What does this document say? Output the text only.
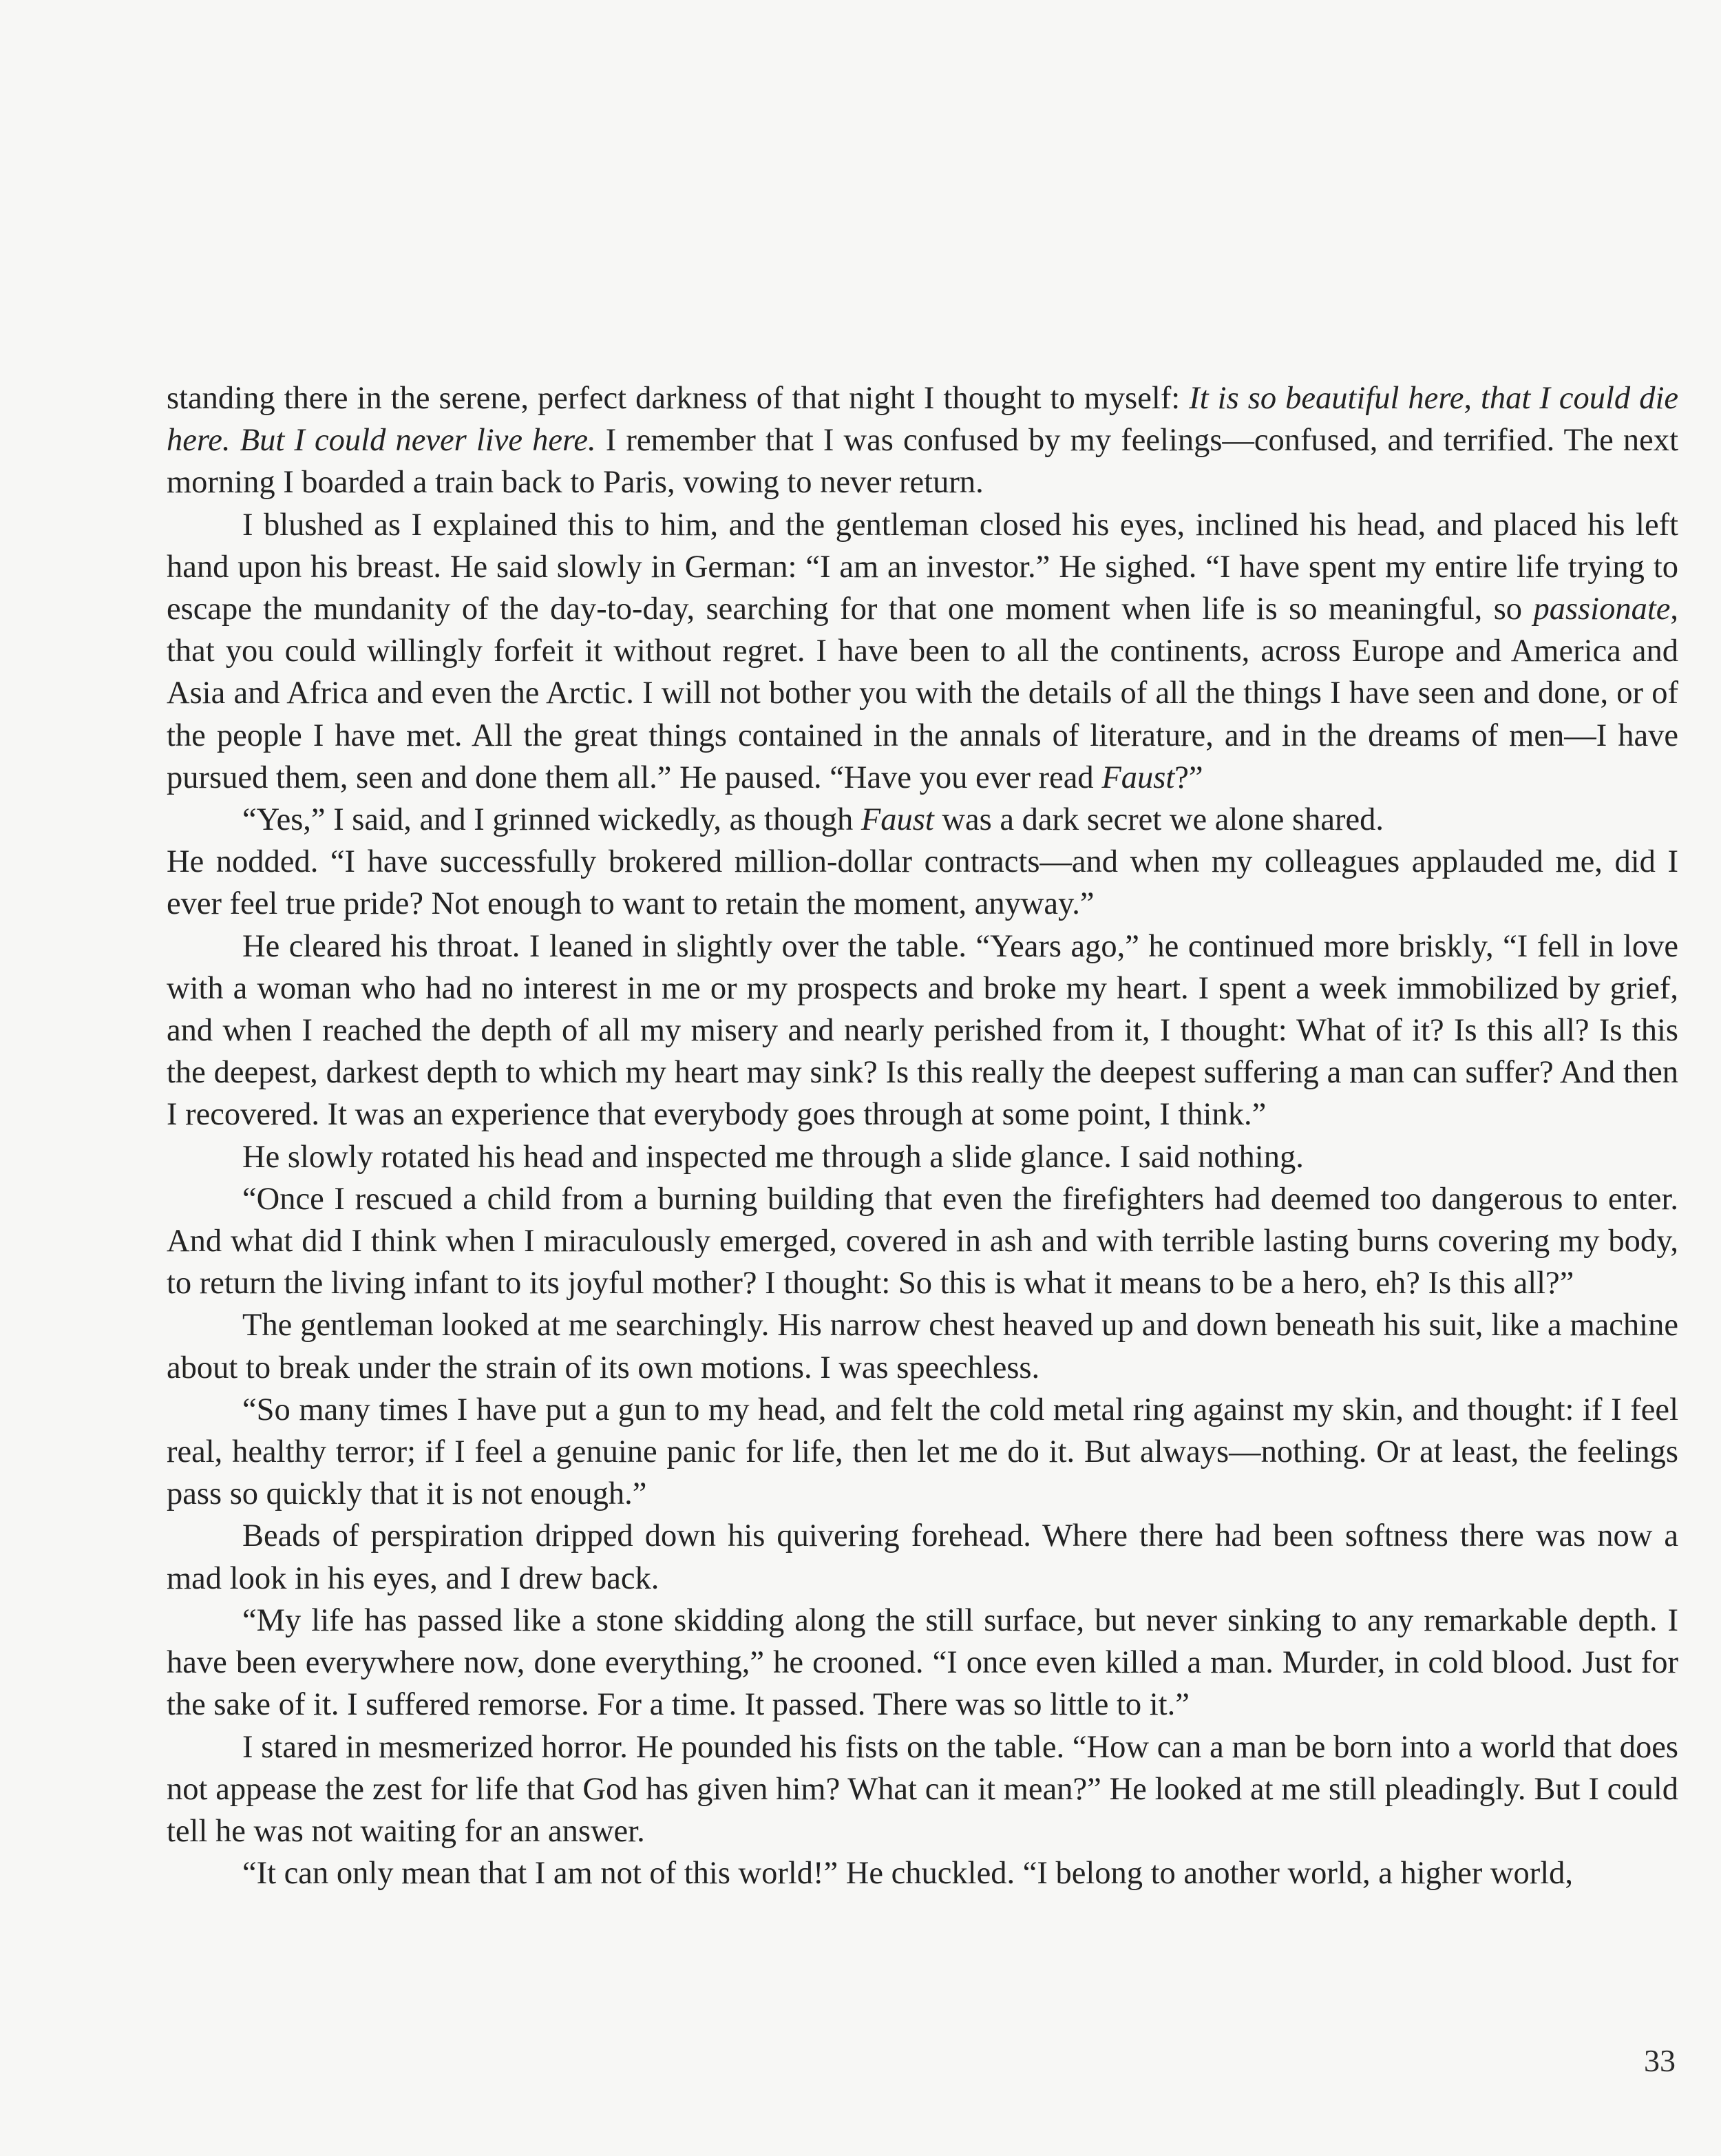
standing there in the serene, perfect darkness of that night I thought to myself: It is so beautiful here, that I could die here. But I could never live here. I remember that I was confused by my feelings—confused, and terrified. The next morning I boarded a train back to Paris, vowing to never return.

I blushed as I explained this to him, and the gentleman closed his eyes, inclined his head, and placed his left hand upon his breast. He said slowly in German: “I am an investor.” He sighed. “I have spent my entire life trying to escape the mundanity of the day-to-day, searching for that one moment when life is so meaningful, so passionate, that you could willingly forfeit it without regret. I have been to all the continents, across Europe and America and Asia and Africa and even the Arctic. I will not bother you with the details of all the things I have seen and done, or of the people I have met. All the great things contained in the annals of literature, and in the dreams of men—I have pursued them, seen and done them all.” He paused. “Have you ever read Faust?”

“Yes,” I said, and I grinned wickedly, as though Faust was a dark secret we alone shared.

He nodded. “I have successfully brokered million-dollar contracts—and when my colleagues applauded me, did I ever feel true pride? Not enough to want to retain the moment, anyway.”

He cleared his throat. I leaned in slightly over the table. “Years ago,” he continued more briskly, “I fell in love with a woman who had no interest in me or my prospects and broke my heart. I spent a week immobilized by grief, and when I reached the depth of all my misery and nearly perished from it, I thought: What of it? Is this all? Is this the deepest, darkest depth to which my heart may sink? Is this really the deepest suffering a man can suffer? And then I recovered. It was an experience that everybody goes through at some point, I think.”

He slowly rotated his head and inspected me through a slide glance. I said nothing.

“Once I rescued a child from a burning building that even the firefighters had deemed too dangerous to enter. And what did I think when I miraculously emerged, covered in ash and with terrible lasting burns covering my body, to return the living infant to its joyful mother? I thought: So this is what it means to be a hero, eh? Is this all?”

The gentleman looked at me searchingly. His narrow chest heaved up and down beneath his suit, like a machine about to break under the strain of its own motions. I was speechless.

“So many times I have put a gun to my head, and felt the cold metal ring against my skin, and thought: if I feel real, healthy terror; if I feel a genuine panic for life, then let me do it. But always—nothing. Or at least, the feelings pass so quickly that it is not enough.”

Beads of perspiration dripped down his quivering forehead. Where there had been softness there was now a mad look in his eyes, and I drew back.

“My life has passed like a stone skidding along the still surface, but never sinking to any remarkable depth. I have been everywhere now, done everything,” he crooned. “I once even killed a man. Murder, in cold blood. Just for the sake of it. I suffered remorse. For a time. It passed. There was so little to it.”

I stared in mesmerized horror. He pounded his fists on the table. “How can a man be born into a world that does not appease the zest for life that God has given him? What can it mean?” He looked at me still pleadingly. But I could tell he was not waiting for an answer.

“It can only mean that I am not of this world!” He chuckled. “I belong to another world, a higher world,

33
